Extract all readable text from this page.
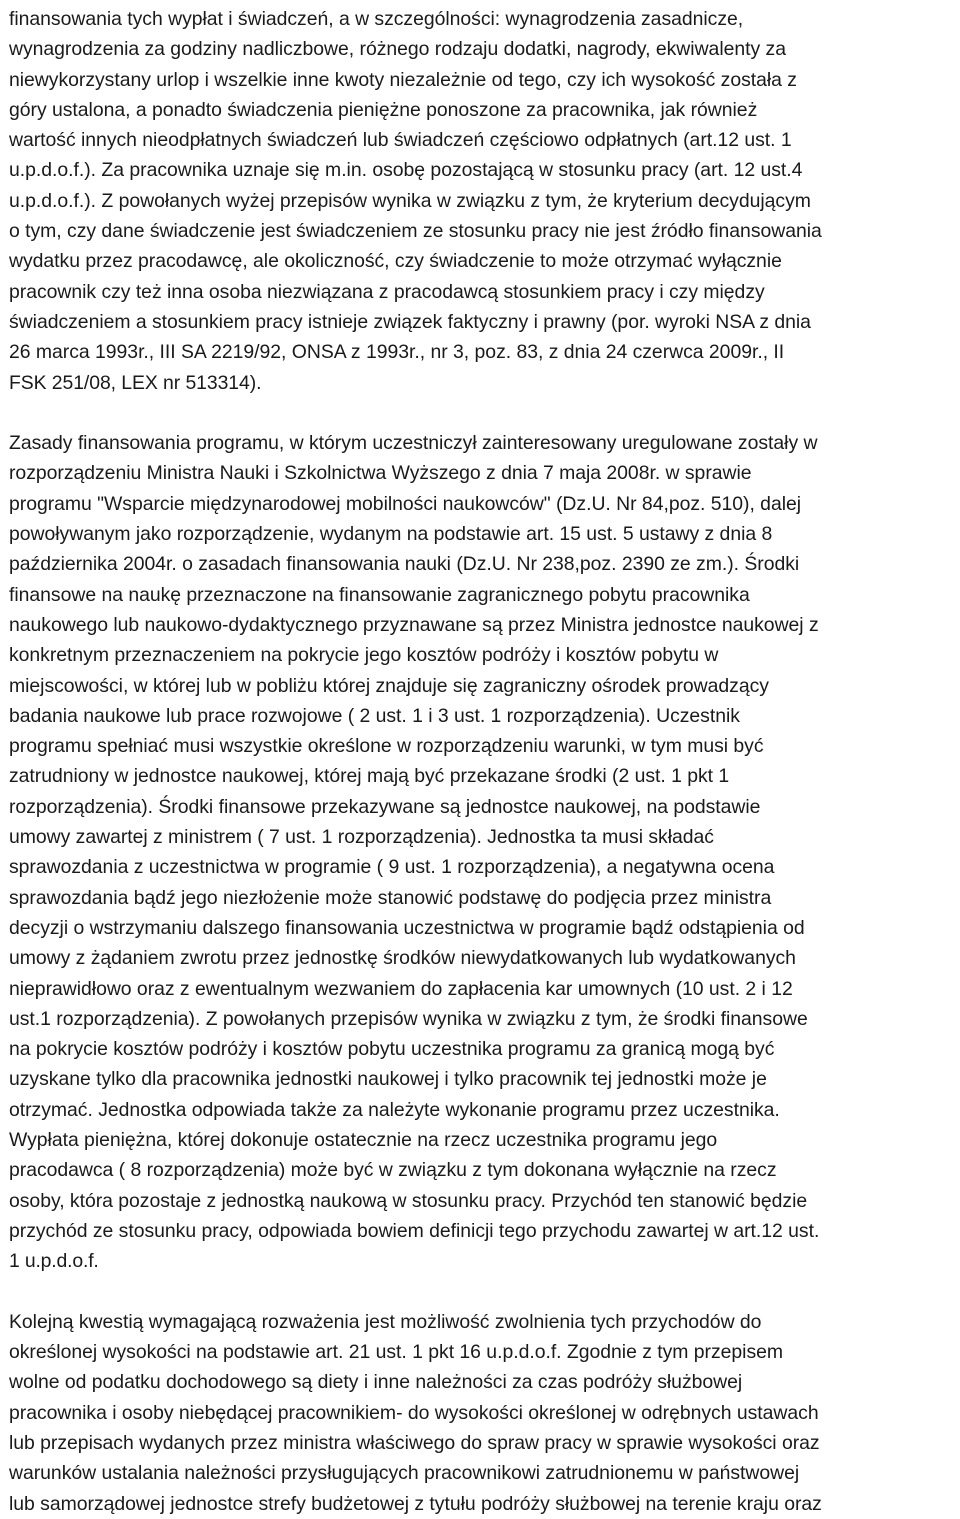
finansowania tych wypłat i świadczeń, a w szczególności: wynagrodzenia zasadnicze,
wynagrodzenia za godziny nadliczbowe, różnego rodzaju dodatki, nagrody, ekwiwalenty za
niewykorzystany urlop i wszelkie inne kwoty niezależnie od tego, czy ich wysokość została z
góry ustalona, a ponadto świadczenia pieniężne ponoszone za pracownika, jak również
wartość innych nieodpłatnych świadczeń lub świadczeń częściowo odpłatnych (art.12 ust. 1
u.p.d.o.f.). Za pracownika uznaje się m.in. osobę pozostającą w stosunku pracy (art. 12 ust.4
u.p.d.o.f.). Z powołanych wyżej przepisów wynika w związku z tym, że kryterium decydującym
o tym, czy dane świadczenie jest świadczeniem ze stosunku pracy nie jest źródło finansowania
wydatku przez pracodawcę, ale okoliczność, czy świadczenie to może otrzymać wyłącznie
pracownik czy też inna osoba niezwiązana z pracodawcą stosunkiem pracy i czy między
świadczeniem a stosunkiem pracy istnieje związek faktyczny i prawny (por. wyroki NSA z dnia
26 marca 1993r., III SA 2219/92, ONSA z 1993r., nr 3, poz. 83, z dnia 24 czerwca 2009r., II
FSK 251/08, LEX nr 513314).
Zasady finansowania programu, w którym uczestniczył zainteresowany uregulowane zostały w
rozporządzeniu Ministra Nauki i Szkolnictwa Wyższego z dnia 7 maja 2008r. w sprawie
programu "Wsparcie międzynarodowej mobilności naukowców" (Dz.U. Nr 84,poz. 510), dalej
powoływanym jako rozporządzenie, wydanym na podstawie art. 15 ust. 5 ustawy z dnia 8
października 2004r. o zasadach finansowania nauki (Dz.U. Nr 238,poz. 2390 ze zm.). Środki
finansowe na naukę przeznaczone na finansowanie zagranicznego pobytu pracownika
naukowego lub naukowo-dydaktycznego przyznawane są przez Ministra jednostce naukowej z
konkretnym przeznaczeniem na pokrycie jego kosztów podróży i kosztów pobytu w
miejscowości, w której lub w pobliżu której znajduje się zagraniczny ośrodek prowadzący
badania naukowe lub prace rozwojowe ( 2 ust. 1 i 3 ust. 1 rozporządzenia). Uczestnik
programu spełniać musi wszystkie określone w rozporządzeniu warunki, w tym musi być
zatrudniony w jednostce naukowej, której mają być przekazane środki (2 ust. 1 pkt 1
rozporządzenia). Środki finansowe przekazywane są jednostce naukowej, na podstawie
umowy zawartej z ministrem ( 7 ust. 1 rozporządzenia). Jednostka ta musi składać
sprawozdania z uczestnictwa w programie ( 9 ust. 1 rozporządzenia), a negatywna ocena
sprawozdania bądź jego niezłożenie może stanowić podstawę do podjęcia przez ministra
decyzji o wstrzymaniu dalszego finansowania uczestnictwa w programie bądź odstąpienia od
umowy z żądaniem zwrotu przez jednostkę środków niewydatkowanych lub wydatkowanych
nieprawidłowo oraz z ewentualnym wezwaniem do zapłacenia kar umownych (10 ust. 2 i 12
ust.1 rozporządzenia). Z powołanych przepisów wynika w związku z tym, że środki finansowe
na pokrycie kosztów podróży i kosztów pobytu uczestnika programu za granicą mogą być
uzyskane tylko dla pracownika jednostki naukowej i tylko pracownik tej jednostki może je
otrzymać. Jednostka odpowiada także za należyte wykonanie programu przez uczestnika.
Wypłata pieniężna, której dokonuje ostatecznie na rzecz uczestnika programu jego
pracodawca ( 8 rozporządzenia) może być w związku z tym dokonana wyłącznie na rzecz
osoby, która pozostaje z jednostką naukową w stosunku pracy. Przychód ten stanowić będzie
przychód ze stosunku pracy, odpowiada bowiem definicji tego przychodu zawartej w art.12 ust.
1 u.p.d.o.f.
Kolejną kwestią wymagającą rozważenia jest możliwość zwolnienia tych przychodów do
określonej wysokości na podstawie art. 21 ust. 1 pkt 16 u.p.d.o.f. Zgodnie z tym przepisem
wolne od podatku dochodowego są diety i inne należności za czas podróży służbowej
pracownika i osoby niebędącej pracownikiem- do wysokości określonej w odrębnych ustawach
lub przepisach wydanych przez ministra właściwego do spraw pracy w sprawie wysokości oraz
warunków ustalania należności przysługujących pracownikowi zatrudnionemu w państwowej
lub samorządowej jednostce strefy budżetowej z tytułu podróży służbowej na terenie kraju oraz
